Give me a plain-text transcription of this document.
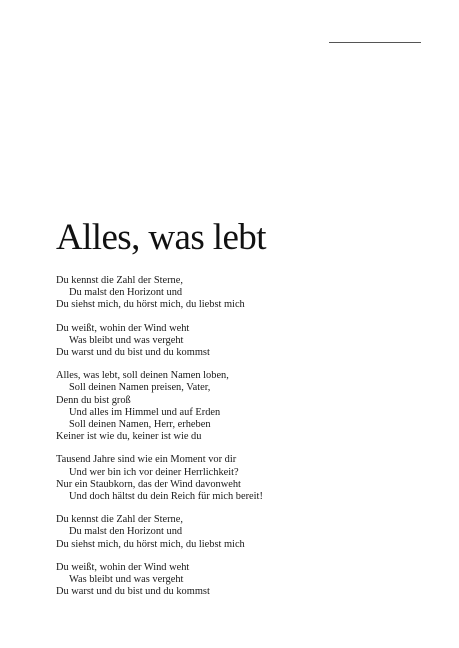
Alles, was lebt

Du kennst die Zahl der Sterne,
Du malst den Horizont und
Du siehst mich, du hörst mich, du liebst mich

Du weißt, wohin der Wind weht
Was bleibt und was vergeht
Du warst und du bist und du kommst

Alles, was lebt, soll deinen Namen loben,
Soll deinen Namen preisen, Vater,
Denn du bist groß
Und alles im Himmel und auf Erden
Soll deinen Namen, Herr, erheben
Keiner ist wie du, keiner ist wie du

Tausend Jahre sind wie ein Moment vor dir
Und wer bin ich vor deiner Herrlichkeit?
Nur ein Staubkorn, das der Wind davonweht
Und doch hältst du dein Reich für mich bereit!

Du kennst die Zahl der Sterne,
Du malst den Horizont und
Du siehst mich, du hörst mich, du liebst mich

Du weißt, wohin der Wind weht
Was bleibt und was vergeht
Du warst und du bist und du kommst
